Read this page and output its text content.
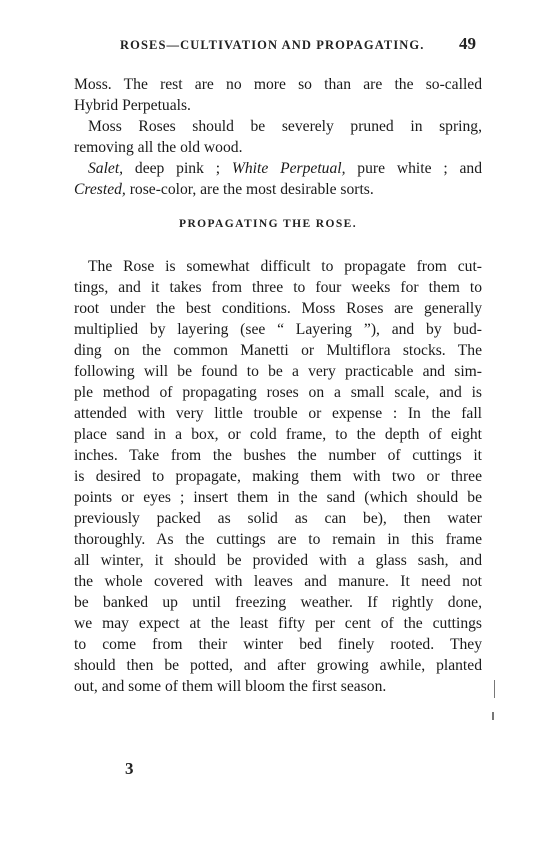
ROSES—CULTIVATION AND PROPAGATING. 49
Moss. The rest are no more so than are the so-called
Hybrid Perpetuals.
Moss Roses should be severely pruned in spring,
removing all the old wood.
Salet, deep pink ; White Perpetual, pure white ; and
Crested, rose-color, are the most desirable sorts.
PROPAGATING THE ROSE.
The Rose is somewhat difficult to propagate from cut-
tings, and it takes from three to four weeks for them to
root under the best conditions. Moss Roses are generally
multiplied by layering (see “ Layering ”), and by bud-
ding on the common Manetti or Multiflora stocks. The
following will be found to be a very practicable and sim-
ple method of propagating roses on a small scale, and is
attended with very little trouble or expense : In the fall
place sand in a box, or cold frame, to the depth of eight
inches. Take from the bushes the number of cuttings it
is desired to propagate, making them with two or three
points or eyes ; insert them in the sand (which should be
previously packed as solid as can be), then water
thoroughly. As the cuttings are to remain in this frame
all winter, it should be provided with a glass sash, and
the whole covered with leaves and manure. It need not
be banked up until freezing weather. If rightly done,
we may expect at the least fifty per cent of the cuttings
to come from their winter bed finely rooted. They
should then be potted, and after growing awhile, planted
out, and some of them will bloom the first season.
3
